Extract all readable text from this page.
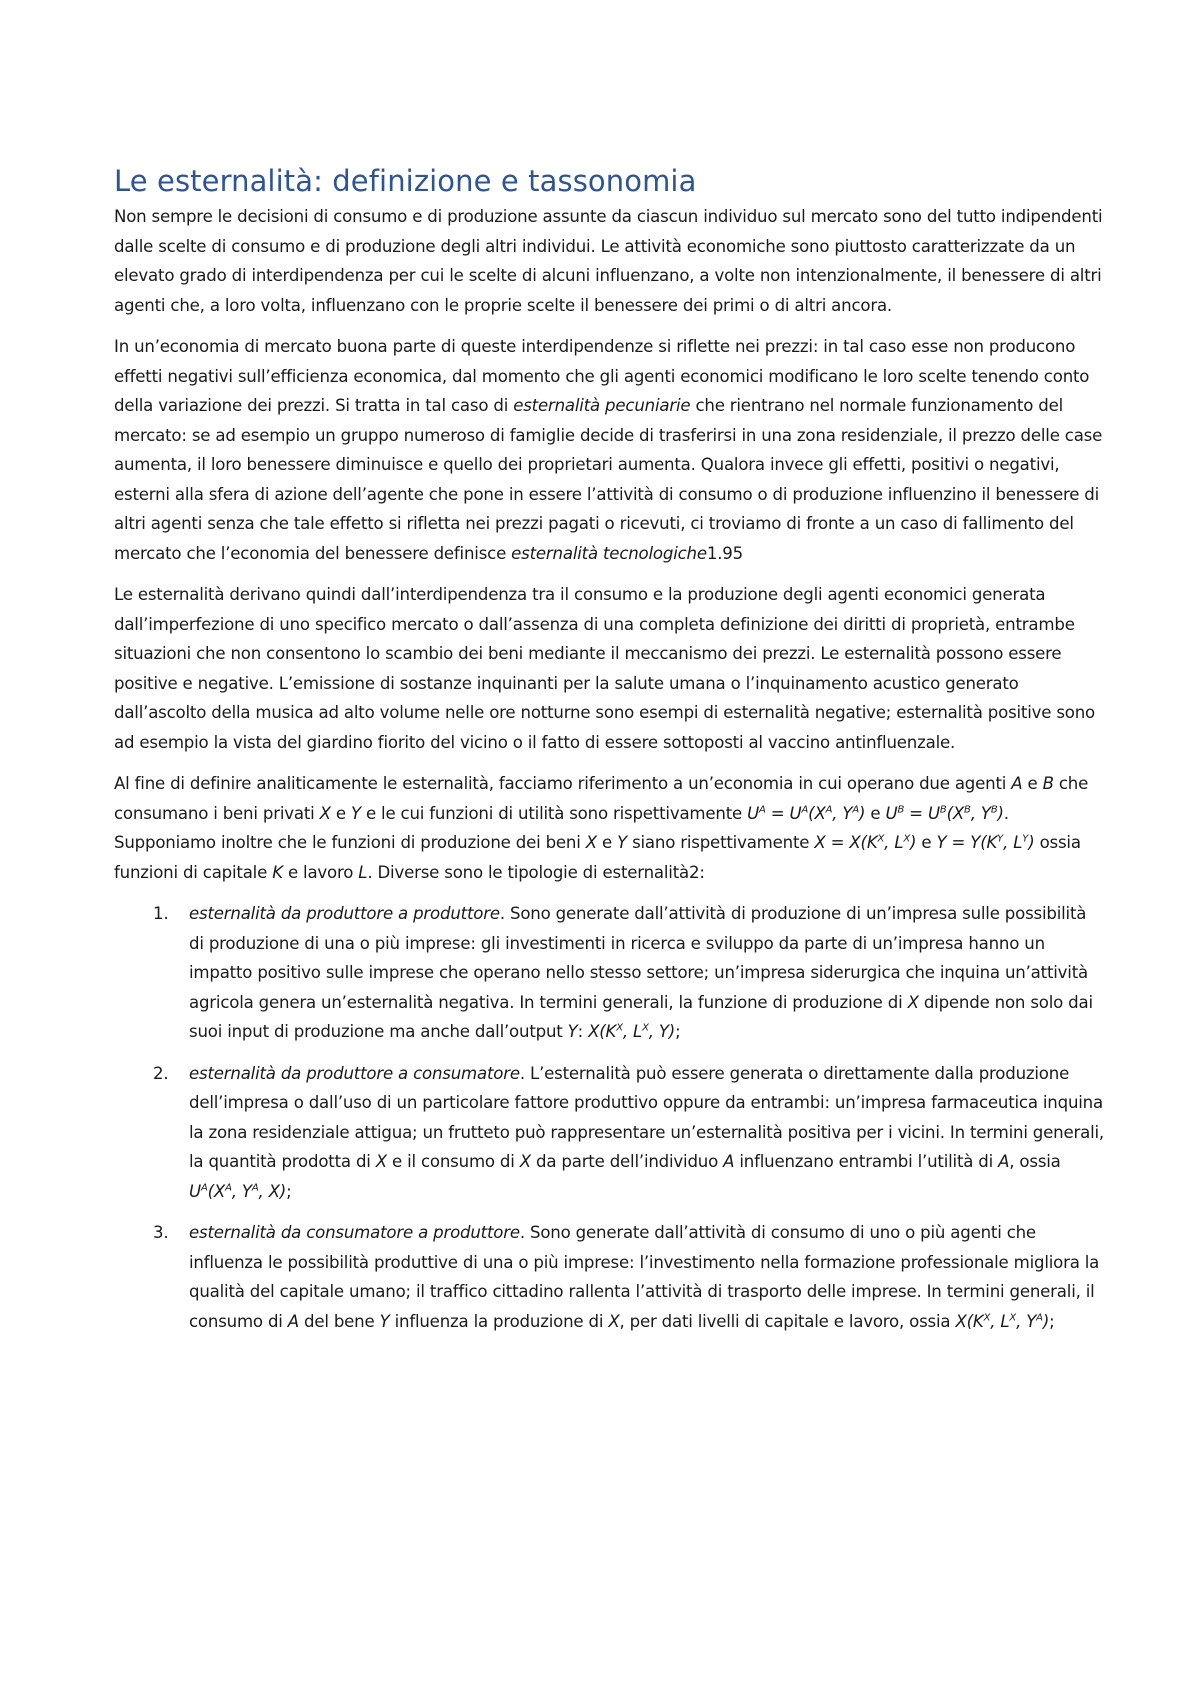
Le esternalità: definizione e tassonomia

Non sempre le decisioni di consumo e di produzione assunte da ciascun individuo sul mercato sono del tutto indipendenti dalle scelte di consumo e di produzione degli altri individui. Le attività economiche sono piuttosto caratterizzate da un elevato grado di interdipendenza per cui le scelte di alcuni influenzano, a volte non intenzionalmente, il benessere di altri agenti che, a loro volta, influenzano con le proprie scelte il benessere dei primi o di altri ancora.

In un’economia di mercato buona parte di queste interdipendenze si riflette nei prezzi: in tal caso esse non producono effetti negativi sull’efficienza economica, dal momento che gli agenti economici modificano le loro scelte tenendo conto della variazione dei prezzi. Si tratta in tal caso di esternalità pecuniarie che rientrano nel normale funzionamento del mercato: se ad esempio un gruppo numeroso di famiglie decide di trasferirsi in una zona residenziale, il prezzo delle case aumenta, il loro benessere diminuisce e quello dei proprietari aumenta. Qualora invece gli effetti, positivi o negativi, esterni alla sfera di azione dell’agente che pone in essere l’attività di consumo o di produzione influenzino il benessere di altri agenti senza che tale effetto si rifletta nei prezzi pagati o ricevuti, ci troviamo di fronte a un caso di fallimento del mercato che l’economia del benessere definisce esternalità tecnologiche1.95

Le esternalità derivano quindi dall’interdipendenza tra il consumo e la produzione degli agenti economici generata dall’imperfezione di uno specifico mercato o dall’assenza di una completa definizione dei diritti di proprietà, entrambe situazioni che non consentono lo scambio dei beni mediante il meccanismo dei prezzi. Le esternalità possono essere positive e negative. L’emissione di sostanze inquinanti per la salute umana o l’inquinamento acustico generato dall’ascolto della musica ad alto volume nelle ore notturne sono esempi di esternalità negative; esternalità positive sono ad esempio la vista del giardino fiorito del vicino o il fatto di essere sottoposti al vaccino antinfluenzale.

Al fine di definire analiticamente le esternalità, facciamo riferimento a un’economia in cui operano due agenti A e B che consumano i beni privati X e Y e le cui funzioni di utilità sono rispettivamente $U^A = U^A(X^A$, $Y^A$) e $U^B = U^B(X^B$, $Y^B$). Supponiamo inoltre che le funzioni di produzione dei beni X e Y siano rispettivamente $X = X(K^X$, $L^X$) e $Y = Y(K^Y$, $L^Y$) ossia funzioni di capitale K e lavoro L. Diverse sono le tipologie di esternalità2:

1. esternalità da produttore a produttore. Sono generate dall’attività di produzione di un’impresa sulle possibilità di produzione di una o più imprese: gli investimenti in ricerca e sviluppo da parte di un’impresa hanno un impatto positivo sulle imprese che operano nello stesso settore; un’impresa siderurgica che inquina un’attività agricola genera un’esternalità negativa. In termini generali, la funzione di produzione di X dipende non solo dai suoi input di produzione ma anche dall’output Y: $X(K^X$, $L^X$, Y);
2. esternalità da produttore a consumatore. L’esternalità può essere generata o direttamente dalla produzione dell’impresa o dall’uso di un particolare fattore produttivo oppure da entrambi: un’impresa farmaceutica inquina la zona residenziale attigua; un frutteto può rappresentare un’esternalità positiva per i vicini. In termini generali, la quantità prodotta di X e il consumo di X da parte dell’individuo A influenzano entrambi l’utilità di A, ossia $U^A(X^A$, $Y^A$, X);
3. esternalità da consumatore a produttore. Sono generate dall’attività di consumo di uno o più agenti che influenza le possibilità produttive di una o più imprese: l’investimento nella formazione professionale migliora la qualità del capitale umano; il traffico cittadino rallenta l’attività di trasporto delle imprese. In termini generali, il consumo di A del bene Y influenza la produzione di X, per dati livelli di capitale e lavoro, ossia $X(K^X$, $L^X$, $Y^A$);
